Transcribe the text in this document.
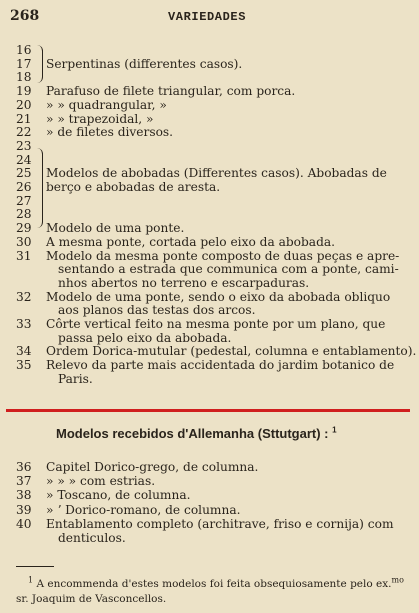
268	VARIEDADES
16
17	Serpentinas (differentes casos).
18
19	Parafuso de filete triangular, com porca.
20	» » quadrangular, »
21	» » trapezoidal, »
22	» de filetes diversos.
23
24
25	Modelos de abobadas (Differentes casos). Abobadas de
26	berço e abobadas de aresta.
27
28
29	Modelo de uma ponte.
30	A mesma ponte, cortada pelo eixo da abobada.
31	Modelo da mesma ponte composto de duas peças e apre-
sentando a estrada que communica com a ponte, cami-
nhos abertos no terreno e escarpaduras.
32	Modelo de uma ponte, sendo o eixo da abobada obliquo
aos planos das testas dos arcos.
33	Côrte vertical feito na mesma ponte por um plano, que
passa pelo eixo da abobada.
34	Ordem Dorica-mutular (pedestal, columna e entablamento).
35	Relevo da parte mais accidentada do jardim botanico de
Paris.
Modelos recebidos d'Allemanha (Sttutgart) : $^1$
36	Capitel Dorico-grego, de columna.
37	» » » com estrias.
38	» Toscano, de columna.
39	» ʼ Dorico-romano, de columna.
40	Entablamento completo (architrave, friso e cornija) com
denticulos.
$^1$ A encommenda d'estes modelos foi feita obsequiosamente pelo ex.$^{mo}$
sr. Joaquim de Vasconcellos.
